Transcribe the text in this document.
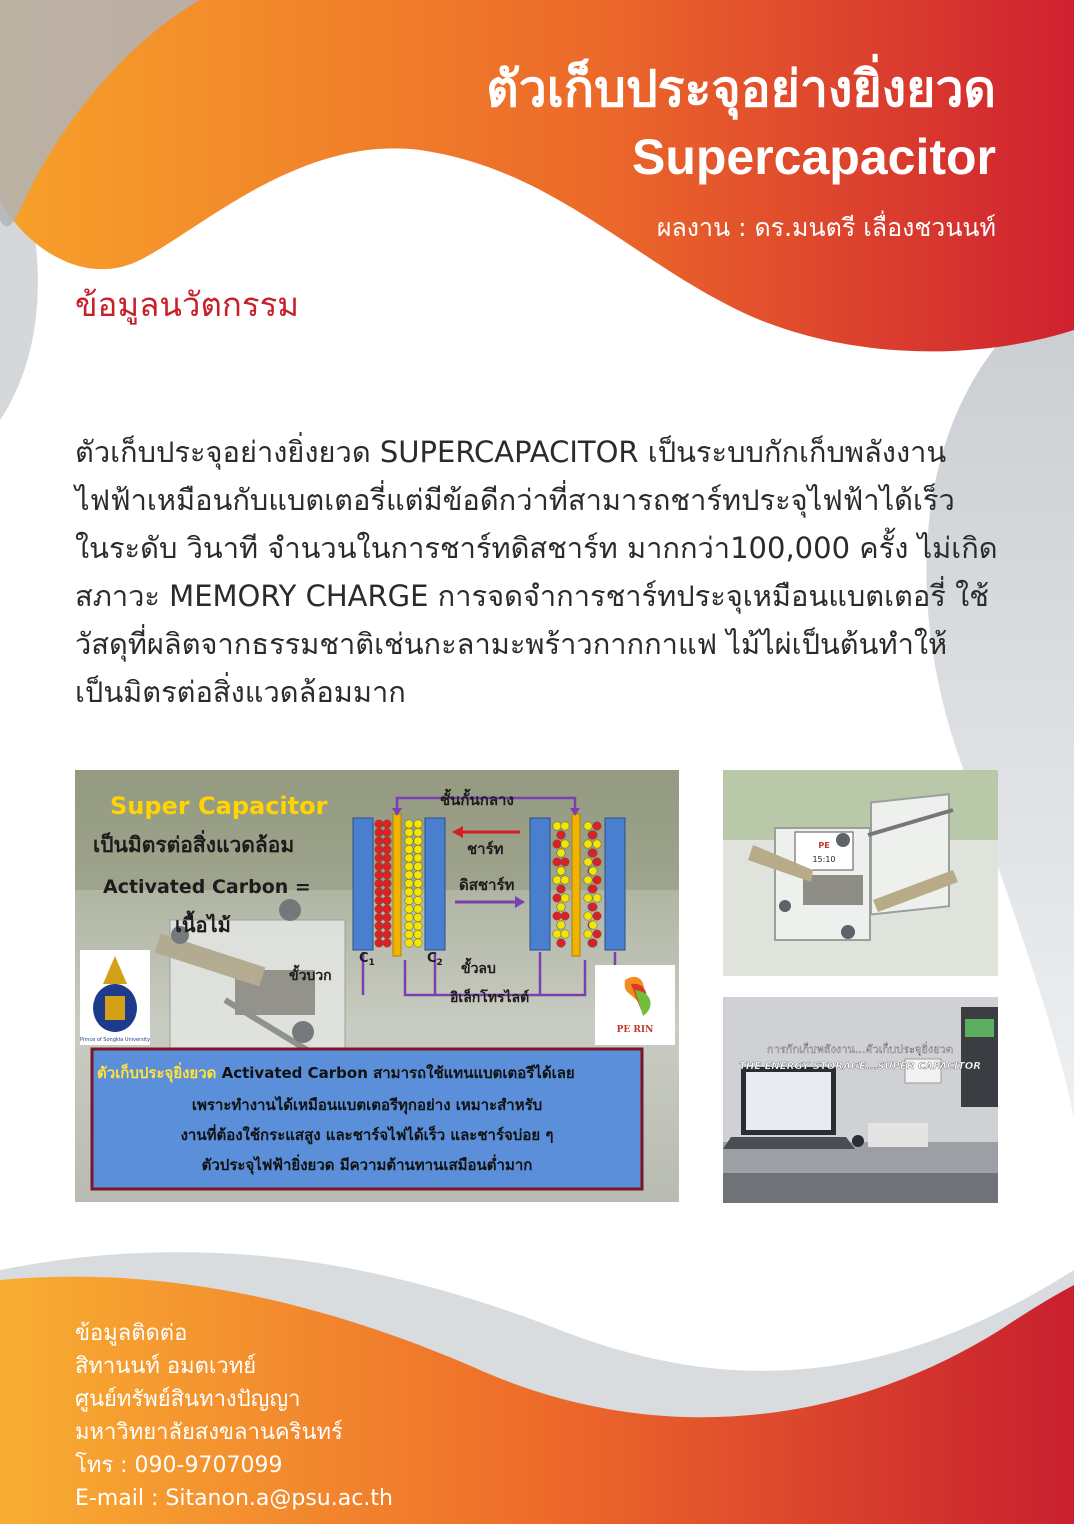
ตัวเก็บประจุอย่างยิ่งยวด
Supercapacitor
ผลงาน : ดร.มนตรี เลื่องชวนนท์
ข้อมูลนวัตกรรม

ตัวเก็บประจุอย่างยิ่งยวด SUPERCAPACITOR เป็นระบบกักเก็บพลังงาน
ไฟฟ้าเหมือนกับแบตเตอรี่แต่มีข้อดีกว่าที่สามารถชาร์ทประจุไฟฟ้าได้เร็ว
ในระดับ วินาที จำนวนในการชาร์ทดิสชาร์ท มากกว่า100,000 ครั้ง ไม่เกิด
สภาวะ MEMORY CHARGE การจดจำการชาร์ทประจุเหมือนแบตเตอรี่ ใช้
วัสดุที่ผลิตจากธรรมชาติเช่นกะลามะพร้าวกากกาแฟ ไม้ไผ่เป็นต้นทำให้
เป็นมิตรต่อสิ่งแวดล้อมมาก

Super Capacitor
เป็นมิตรต่อสิ่งแวดล้อม
Activated Carbon =
เนื้อไม้
ชั้นกั้นกลาง
ชาร์ท
ดิสชาร์ท
$C_1$	$C_2$
ขั้วบวก	ขั้วลบ
อิเล็กโทรไลต์
Prince of Songkla University
PE RIN
ตัวเก็บประจุยิ่งยวด Activated Carbon สามารถใช้แทนแบตเตอรีได้เลย
เพราะทำงานได้เหมือนแบตเตอรีทุกอย่าง เหมาะสำหรับ
งานที่ต้องใช้กระแสสูง และชาร์จไฟได้เร็ว และชาร์จบ่อย ๆ
ตัวประจุไฟฟ้ายิ่งยวด มีความต้านทานเสมือนต่ำมาก
PE
15:10
การกักเก็บพลังงาน...ตัวเก็บประจุยิ่งยวด
THE ENERGY STORAGE...SUPER CAPACITOR
ข้อมูลติดต่อ
สิทานนท์ อมตเวทย์
ศูนย์ทรัพย์สินทางปัญญา
มหาวิทยาลัยสงขลานครินทร์
โทร : 090-9707099
E-mail : Sitanon.a@psu.ac.th
